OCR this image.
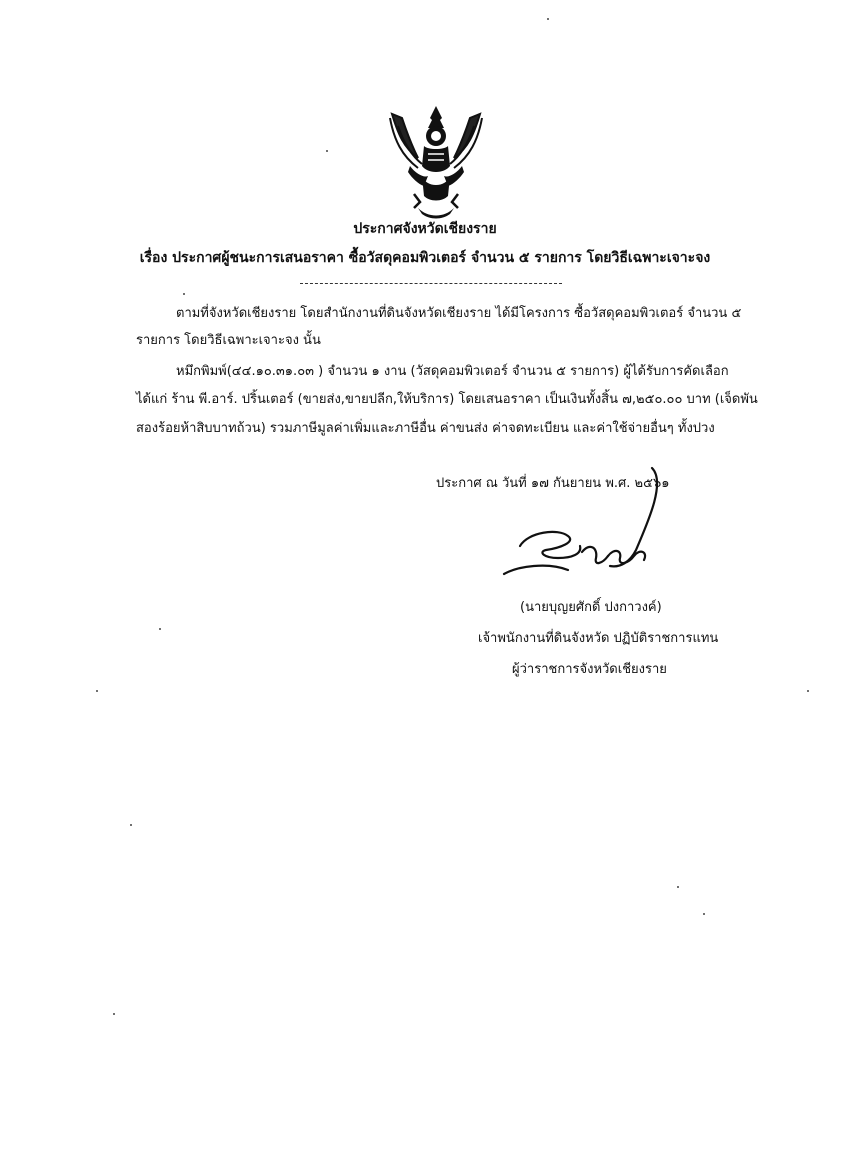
ประกาศจังหวัดเชียงราย
เรื่อง ประกาศผู้ชนะการเสนอราคา ซื้อวัสดุคอมพิวเตอร์ จำนวน ๕ รายการ โดยวิธีเฉพาะเจาะจง
ตามที่จังหวัดเชียงราย โดยสำนักงานที่ดินจังหวัดเชียงราย ได้มีโครงการ ซื้อวัสดุคอมพิวเตอร์ จำนวน ๕
รายการ โดยวิธีเฉพาะเจาะจง นั้น
หมึกพิมพ์(๔๔.๑๐.๓๑.๐๓ ) จำนวน ๑ งาน (วัสดุคอมพิวเตอร์ จำนวน ๕ รายการ) ผู้ได้รับการคัดเลือก
ได้แก่ ร้าน พี.อาร์. ปริ้นเตอร์ (ขายส่ง,ขายปลีก,ให้บริการ) โดยเสนอราคา เป็นเงินทั้งสิ้น ๗,๒๕๐.๐๐ บาท (เจ็ดพัน
สองร้อยห้าสิบบาทถ้วน) รวมภาษีมูลค่าเพิ่มและภาษีอื่น ค่าขนส่ง ค่าจดทะเบียน และค่าใช้จ่ายอื่นๆ ทั้งปวง
ประกาศ ณ วันที่ ๑๗ กันยายน พ.ศ. ๒๕๖๑
(นายบุญยศักดิ์ ปงกาวงค์)
เจ้าพนักงานที่ดินจังหวัด ปฏิบัติราชการแทน
ผู้ว่าราชการจังหวัดเชียงราย
